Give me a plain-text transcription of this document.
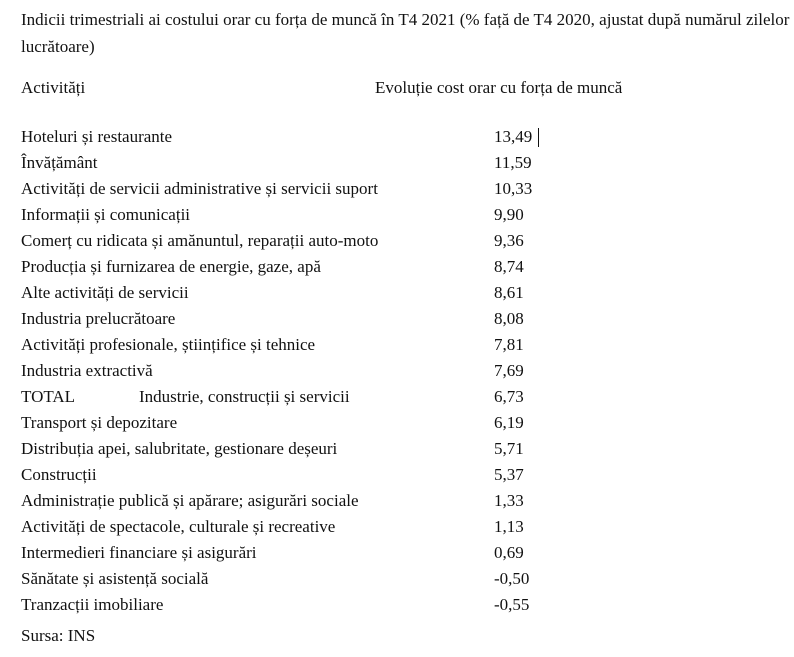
Indicii trimestriali ai costului orar cu forța de muncă în T4 2021 (% față de T4 2020, ajustat după numărul zilelor lucrătoare)
Activități	Evoluție cost orar cu forța de muncă
Hoteluri și restaurante	13,49
Învățământ	11,59
Activități de servicii administrative și servicii suport	10,33
Informații și comunicații	9,90
Comerț cu ridicata și amănuntul, reparații auto-moto	9,36
Producția și furnizarea de energie, gaze, apă	8,74
Alte activități de servicii	8,61
Industria prelucrătoare	8,08
Activități profesionale, științifice și tehnice	7,81
Industria extractivă	7,69
TOTAL	Industrie, construcții și servicii	6,73
Transport și depozitare	6,19
Distribuția apei, salubritate, gestionare deșeuri	5,71
Construcții	5,37
Administrație publică și apărare; asigurări sociale	1,33
Activități de spectacole, culturale și recreative	1,13
Intermedieri financiare și asigurări	0,69
Sănătate și asistență socială	-0,50
Tranzacții imobiliare	-0,55
Sursa: INS
